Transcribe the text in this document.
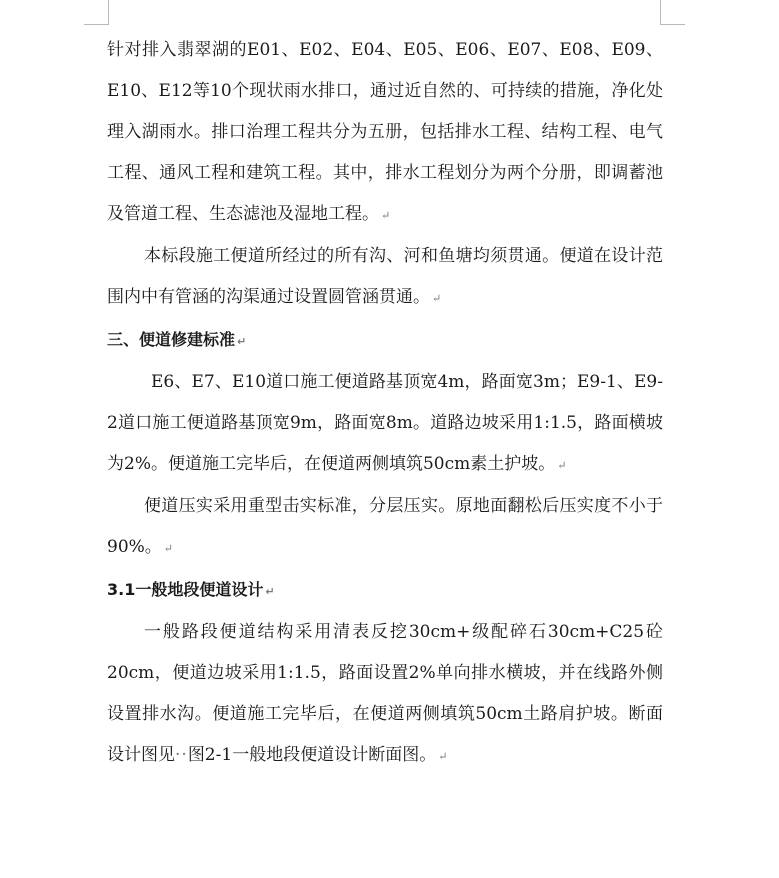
针对排入翡翠湖的E01、E02、E04、E05、E06、E07、E08、E09、E10、E12等10个现状雨水排口，通过近自然的、可持续的措施，净化处理入湖雨水。排口治理工程共分为五册，包括排水工程、结构工程、电气工程、通风工程和建筑工程。其中，排水工程划分为两个分册，即调蓄池及管道工程、生态滤池及湿地工程。 ↵

本标段施工便道所经过的所有沟、河和鱼塘均须贯通。便道在设计范围内中有管涵的沟渠通过设置圆管涵贯通。 ↵

三、便道修建标准 ↵

E6、E7、E10道口施工便道路基顶宽4m，路面宽3m；E9-1、E9-2道口施工便道路基顶宽9m，路面宽8m。道路边坡采用1:1.5，路面横坡为2%。便道施工完毕后，在便道两侧填筑50cm素土护坡。 ↵

便道压实采用重型击实标准，分层压实。原地面翻松后压实度不小于90%。 ↵

3.1一般地段便道设计 ↵

一般路段便道结构采用清表反挖30cm+级配碎石30cm+C25砼20cm，便道边坡采用1:1.5，路面设置2%单向排水横坡，并在线路外侧设置排水沟。便道施工完毕后，在便道两侧填筑50cm土路肩护坡。断面设计图见··图2-1一般地段便道设计断面图。 ↵
